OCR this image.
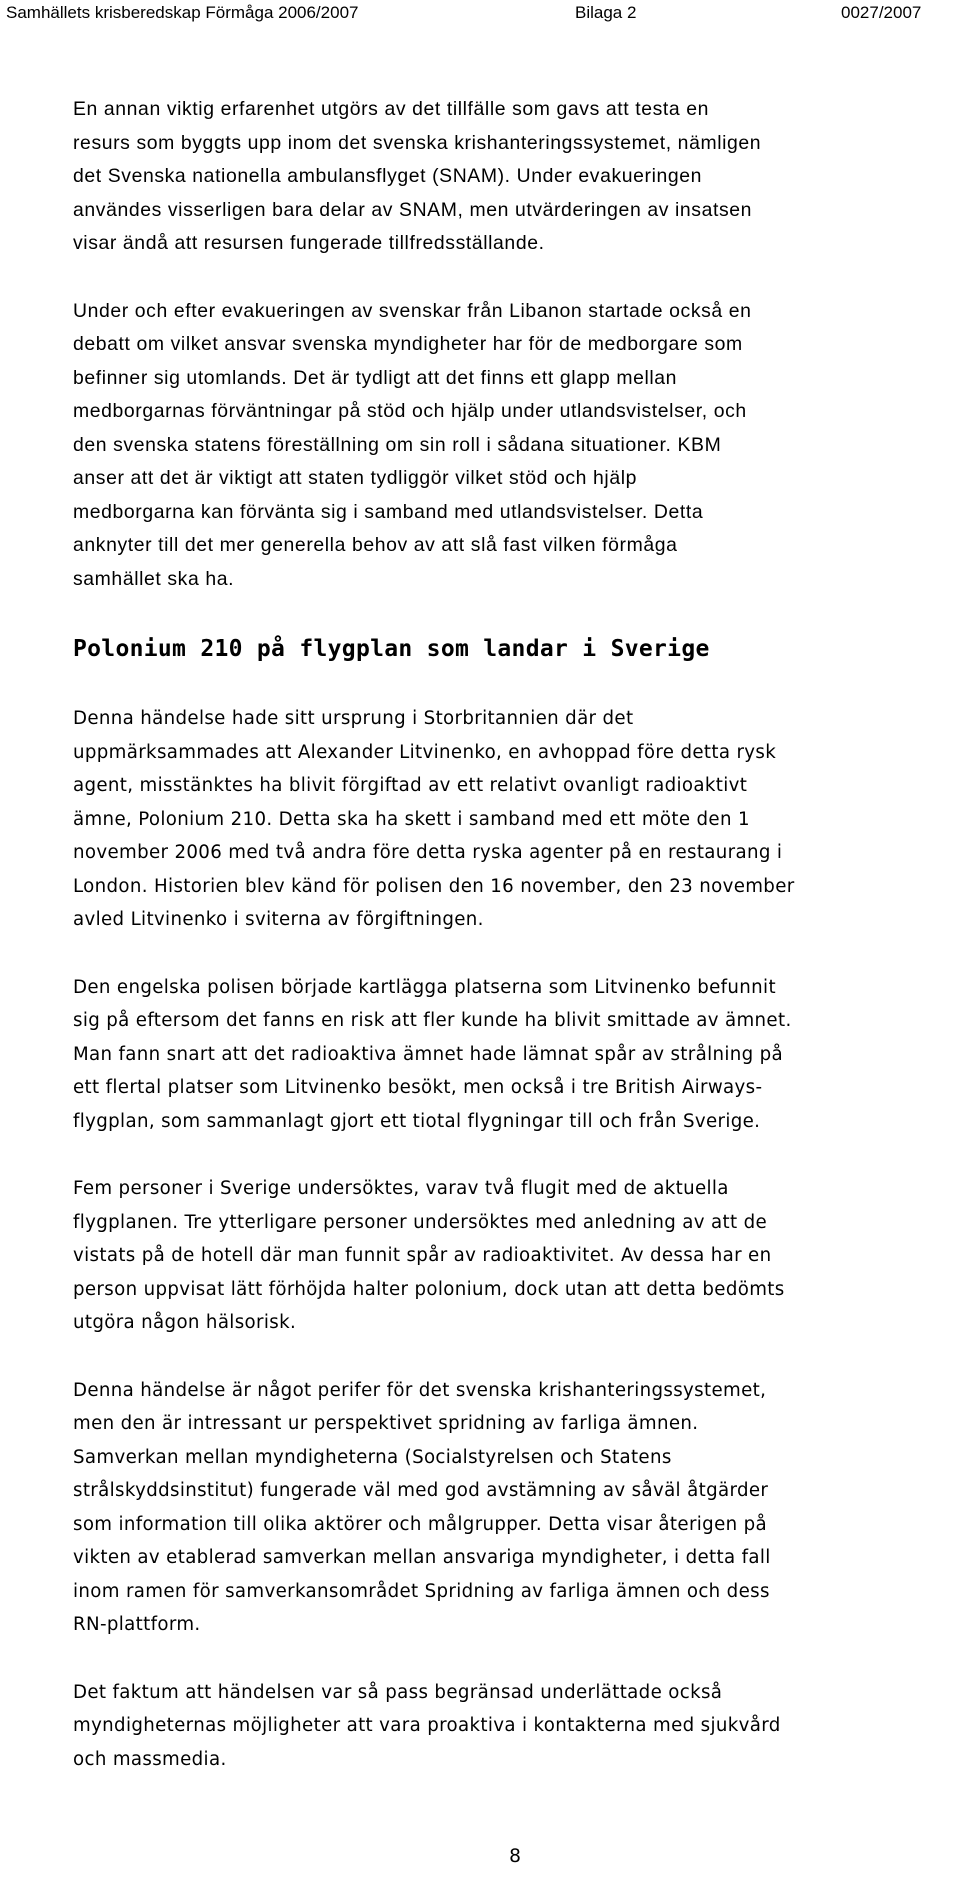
Samhällets krisberedskap Förmåga 2006/2007	Bilaga 2	0027/2007

En annan viktig erfarenhet utgörs av det tillfälle som gavs att testa en
resurs som byggts upp inom det svenska krishanteringssystemet, nämligen
det Svenska nationella ambulansflyget (SNAM). Under evakueringen
användes visserligen bara delar av SNAM, men utvärderingen av insatsen
visar ändå att resursen fungerade tillfredsställande.

Under och efter evakueringen av svenskar från Libanon startade också en
debatt om vilket ansvar svenska myndigheter har för de medborgare som
befinner sig utomlands. Det är tydligt att det finns ett glapp mellan
medborgarnas förväntningar på stöd och hjälp under utlandsvistelser, och
den svenska statens föreställning om sin roll i sådana situationer. KBM
anser att det är viktigt att staten tydliggör vilket stöd och hjälp
medborgarna kan förvänta sig i samband med utlandsvistelser. Detta
anknyter till det mer generella behov av att slå fast vilken förmåga
samhället ska ha.

Polonium 210 på flygplan som landar i Sverige

Denna händelse hade sitt ursprung i Storbritannien där det
uppmärksammades att Alexander Litvinenko, en avhoppad före detta rysk
agent, misstänktes ha blivit förgiftad av ett relativt ovanligt radioaktivt
ämne, Polonium 210. Detta ska ha skett i samband med ett möte den 1
november 2006 med två andra före detta ryska agenter på en restaurang i
London. Historien blev känd för polisen den 16 november, den 23 november
avled Litvinenko i sviterna av förgiftningen.

Den engelska polisen började kartlägga platserna som Litvinenko befunnit
sig på eftersom det fanns en risk att fler kunde ha blivit smittade av ämnet.
Man fann snart att det radioaktiva ämnet hade lämnat spår av strålning på
ett flertal platser som Litvinenko besökt, men också i tre British Airways-
flygplan, som sammanlagt gjort ett tiotal flygningar till och från Sverige.

Fem personer i Sverige undersöktes, varav två flugit med de aktuella
flygplanen. Tre ytterligare personer undersöktes med anledning av att de
vistats på de hotell där man funnit spår av radioaktivitet. Av dessa har en
person uppvisat lätt förhöjda halter polonium, dock utan att detta bedömts
utgöra någon hälsorisk.

Denna händelse är något perifer för det svenska krishanteringssystemet,
men den är intressant ur perspektivet spridning av farliga ämnen.
Samverkan mellan myndigheterna (Socialstyrelsen och Statens
strålskyddsinstitut) fungerade väl med god avstämning av såväl åtgärder
som information till olika aktörer och målgrupper. Detta visar återigen på
vikten av etablerad samverkan mellan ansvariga myndigheter, i detta fall
inom ramen för samverkansområdet Spridning av farliga ämnen och dess
RN-plattform.

Det faktum att händelsen var så pass begränsad underlättade också
myndigheternas möjligheter att vara proaktiva i kontakterna med sjukvård
och massmedia.

8
